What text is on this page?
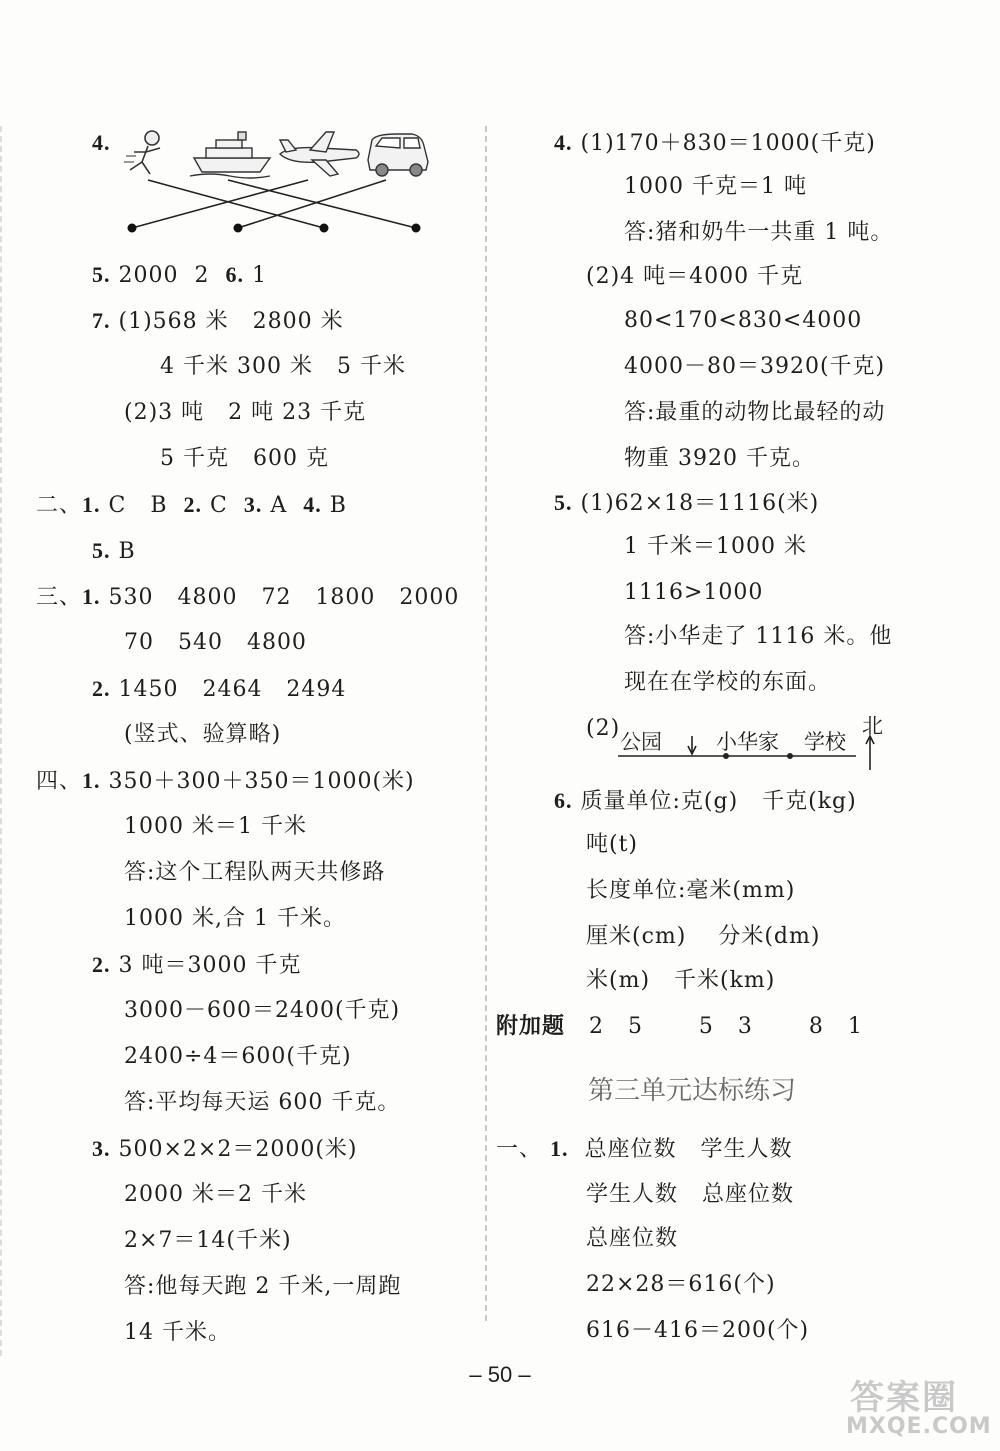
4.
5. 2000  2  6. 1
7. (1)568 米   2800 米
4 千米 300 米   5 千米
(2)3 吨   2 吨 23 千克
5 千克   600 克
二、1. C   B  2. C  3. A  4. B
5. B
三、1. 530   4800   72   1800   2000
70   540   4800
2. 1450   2464   2494
(竖式、验算略)
四、1. 350＋300＋350＝1000(米)
1000 米＝1 千米
答:这个工程队两天共修路
1000 米,合 1 千米。
2. 3 吨＝3000 千克
3000－600＝2400(千克)
2400÷4＝600(千克)
答:平均每天运 600 千克。
3. 500×2×2＝2000(米)
2000 米＝2 千米
2×7＝14(千米)
答:他每天跑 2 千米,一周跑
14 千米。
4. (1)170＋830＝1000(千克)
1000 千克＝1 吨
答:猪和奶牛一共重 1 吨。
(2)4 吨＝4000 千克
80<170<830<4000
4000－80＝3920(千克)
答:最重的动物比最轻的动
物重 3920 千克。
5. (1)62×18＝1116(米)
1 千米＝1000 米
1116>1000
答:小华走了 1116 米。他
现在在学校的东面。
(2)
公园	小华家 学校
北
6. 质量单位:克(g)   千克(kg)
吨(t)
长度单位:毫米(mm)
厘米(cm)    分米(dm)
米(m)   千米(km)
附加题 2   5       5   3       8   1
第三单元达标练习
一、 1. 总座位数   学生人数
学生人数   总座位数
总座位数
22×28＝616(个)
616－416＝200(个)
– 50 –
答案圈
MXQE.COM
